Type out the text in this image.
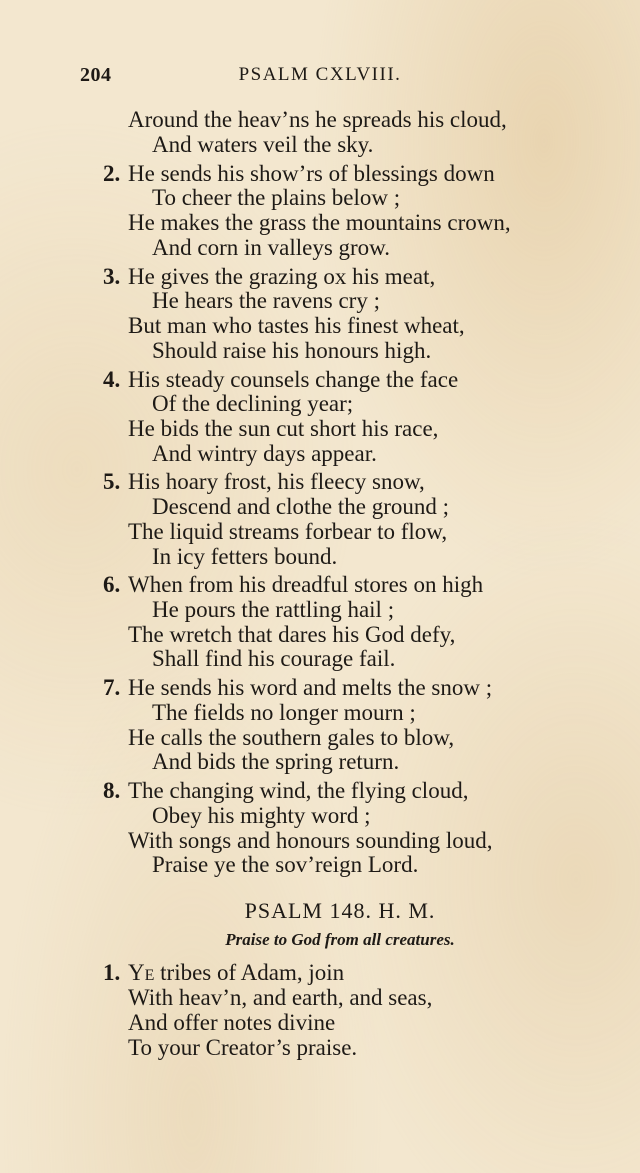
204	PSALM CXLVIII.
Around the heav’ns he spreads his cloud,
And waters veil the sky.
2. He sends his show’rs of blessings down
To cheer the plains below ;
He makes the grass the mountains crown,
And corn in valleys grow.
3. He gives the grazing ox his meat,
He hears the ravens cry ;
But man who tastes his finest wheat,
Should raise his honours high.
4. His steady counsels change the face
Of the declining year;
He bids the sun cut short his race,
And wintry days appear.
5. His hoary frost, his fleecy snow,
Descend and clothe the ground ;
The liquid streams forbear to flow,
In icy fetters bound.
6. When from his dreadful stores on high
He pours the rattling hail ;
The wretch that dares his God defy,
Shall find his courage fail.
7. He sends his word and melts the snow ;
The fields no longer mourn ;
He calls the southern gales to blow,
And bids the spring return.
8. The changing wind, the flying cloud,
Obey his mighty word ;
With songs and honours sounding loud,
Praise ye the sov’reign Lord.
PSALM 148. H. M.
Praise to God from all creatures.
1. Ye tribes of Adam, join
With heav’n, and earth, and seas,
And offer notes divine
To your Creator’s praise.
